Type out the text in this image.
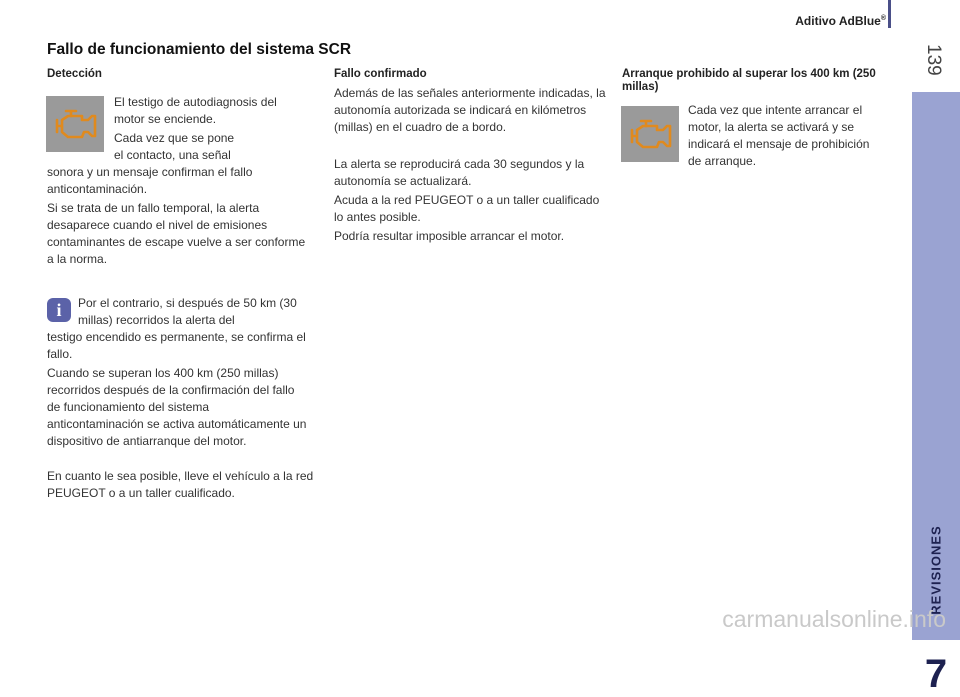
Aditivo AdBlue®
139
REVISIONES
7
Fallo de funcionamiento del sistema SCR
Detección

El testigo de autodiagnosis del motor se enciende.

Cada vez que se pone

el contacto, una señal

sonora y un mensaje confirman el fallo anticontaminación.

Si se trata de un fallo temporal, la alerta desaparece cuando el nivel de emisiones contaminantes de escape vuelve a ser conforme a la norma.

i	Por el contrario, si después de 50 km (30 millas) recorridos la alerta del

testigo encendido es permanente, se confirma el fallo.

Cuando se superan los 400 km (250 millas) recorridos después de la confirmación del fallo de funcionamiento del sistema anticontaminación se activa automáticamente un dispositivo de antiarranque del motor.

En cuanto le sea posible, lleve el vehículo a la red PEUGEOT o a un taller cualificado.

Fallo confirmado

Además de las señales anteriormente indicadas, la autonomía autorizada se indicará en kilómetros (millas) en el cuadro de a bordo.

La alerta se reproducirá cada 30 segundos y la autonomía se actualizará.

Acuda a la red PEUGEOT o a un taller cualificado lo antes posible.

Podría resultar imposible arrancar el motor.

Arranque prohibido al superar los 400 km (250 millas)

Cada vez que intente arrancar el motor, la alerta se activará y se indicará el mensaje de prohibición de arranque.

carmanualsonline.info
